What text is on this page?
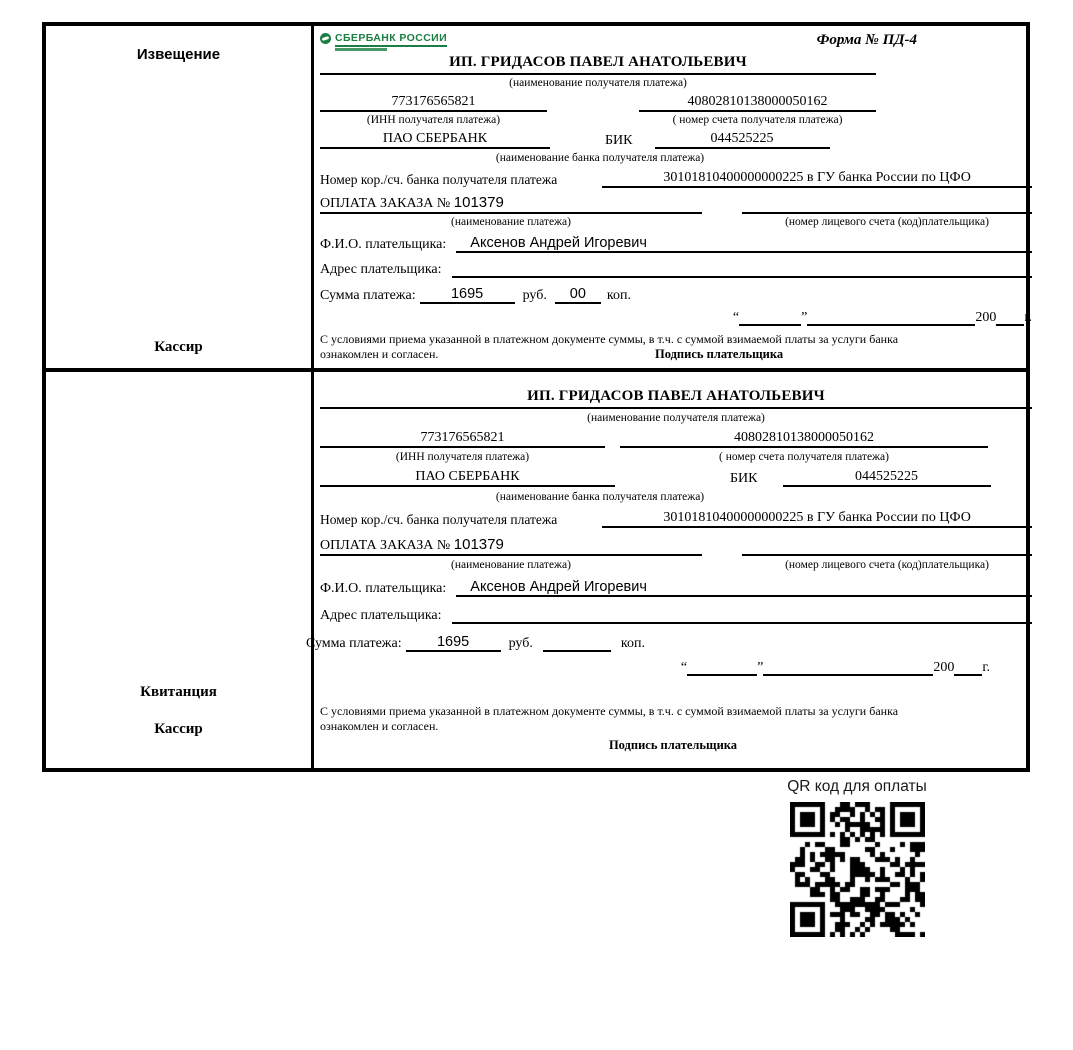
Извещение
Кассир
СБЕРБАНК РОССИИ	Форма № ПД-4
ИП. ГРИДАСОВ ПАВЕЛ АНАТОЛЬЕВИЧ
(наименование получателя платежа)
773176565821	40802810138000050162
(ИНН получателя платежа)	( номер счета получателя платежа)
ПАО СБЕРБАНК	БИК	044525225
(наименование банка получателя платежа)
Номер кор./сч. банка получателя платежа	30101810400000000225 в ГУ банка России по ЦФО
ОПЛАТА ЗАКАЗА № 101379
(наименование платежа)	(номер лицевого счета (код)плательщика)
Ф.И.О. плательщика:	Аксенов Андрей Игоревич
Адрес плательщика:
Сумма платежа:	1695	руб.	00	коп.
“	”	200 г.
С условиями приема указанной в платежном документе суммы, в т.ч. с суммой взимаемой платы за услуги банка
ознакомлен и согласен.	Подпись плательщика
Квитанция
Кассир
ИП. ГРИДАСОВ ПАВЕЛ АНАТОЛЬЕВИЧ
(наименование получателя платежа)
773176565821	40802810138000050162
(ИНН получателя платежа)	( номер счета получателя платежа)
ПАО СБЕРБАНК	БИК	044525225
(наименование банка получателя платежа)
Номер кор./сч. банка получателя платежа	30101810400000000225 в ГУ банка России по ЦФО
ОПЛАТА ЗАКАЗА № 101379
(наименование платежа)	(номер лицевого счета (код)плательщика)
Ф.И.О. плательщика:	Аксенов Андрей Игоревич
Адрес плательщика:
Сумма платежа:	1695	руб.	коп.
“	”	200 г.
С условиями приема указанной в платежном документе суммы, в т.ч. с суммой взимаемой платы за услуги банка
ознакомлен и согласен.
Подпись плательщика
QR код для оплаты
